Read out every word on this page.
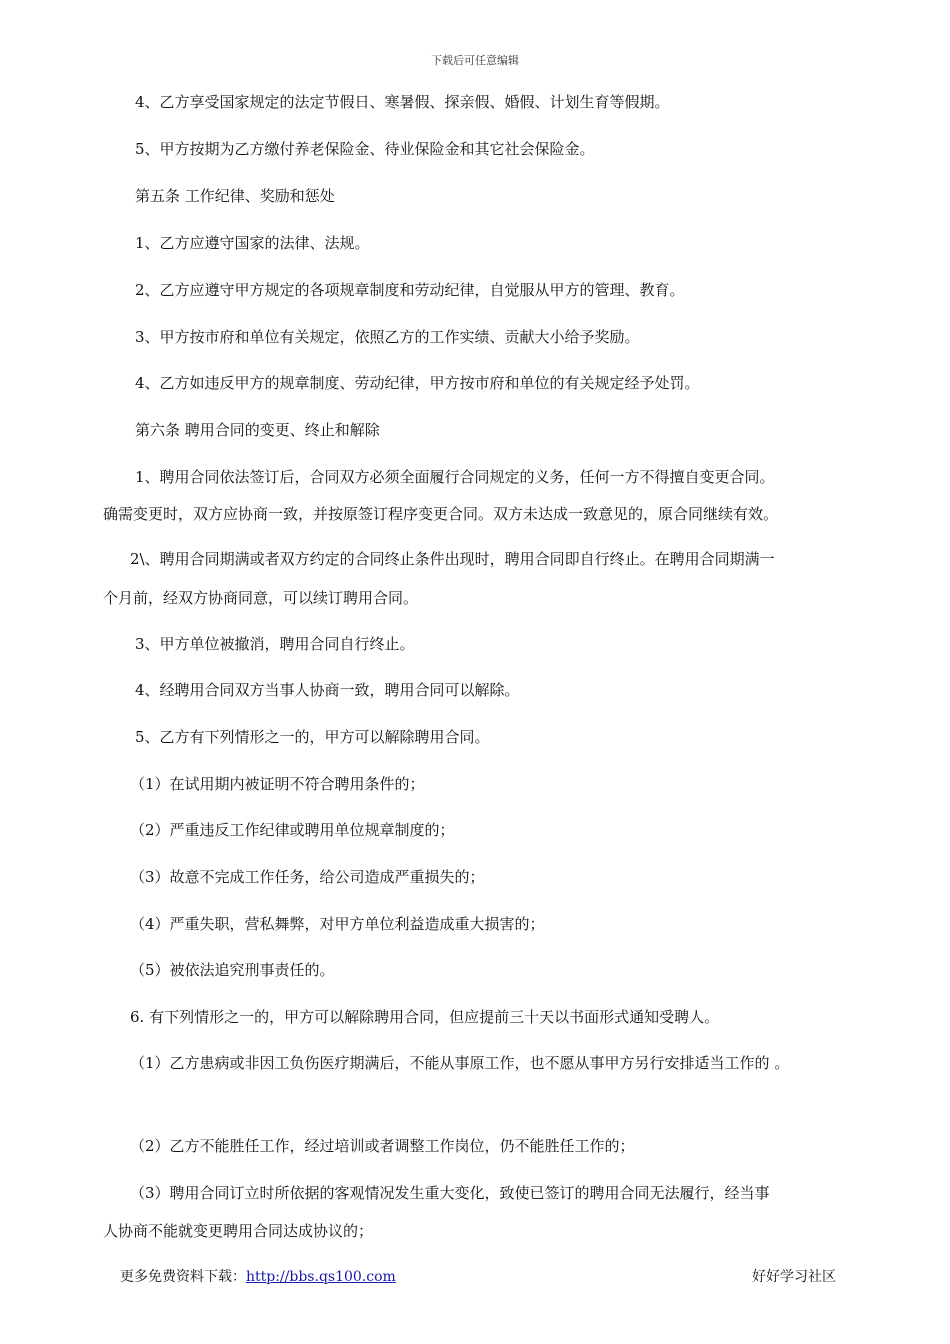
下载后可任意编辑
4、乙方享受国家规定的法定节假日、寒暑假、探亲假、婚假、计划生育等假期。
5、甲方按期为乙方缴付养老保险金、待业保险金和其它社会保险金。
第五条 工作纪律、奖励和惩处
1、乙方应遵守国家的法律、法规。
2、乙方应遵守甲方规定的各项规章制度和劳动纪律，自觉服从甲方的管理、教育。
3、甲方按市府和单位有关规定，依照乙方的工作实绩、贡献大小给予奖励。
4、乙方如违反甲方的规章制度、劳动纪律，甲方按市府和单位的有关规定经予处罚。
第六条 聘用合同的变更、终止和解除
1、聘用合同依法签订后，合同双方必须全面履行合同规定的义务，任何一方不得擅自变更合同。
确需变更时，双方应协商一致，并按原签订程序变更合同。双方未达成一致意见的，原合同继续有效。
2\、聘用合同期满或者双方约定的合同终止条件出现时，聘用合同即自行终止。在聘用合同期满一
个月前，经双方协商同意，可以续订聘用合同。
3、甲方单位被撤消，聘用合同自行终止。
4、经聘用合同双方当事人协商一致，聘用合同可以解除。
5、乙方有下列情形之一的，甲方可以解除聘用合同。
（1）在试用期内被证明不符合聘用条件的；
（2）严重违反工作纪律或聘用单位规章制度的；
（3）故意不完成工作任务，给公司造成严重损失的；
（4）严重失职，营私舞弊，对甲方单位利益造成重大损害的；
（5）被依法追究刑事责任的。
6. 有下列情形之一的，甲方可以解除聘用合同，但应提前三十天以书面形式通知受聘人。
（1）乙方患病或非因工负伤医疗期满后，不能从事原工作，也不愿从事甲方另行安排适当工作的 。
（2）乙方不能胜任工作，经过培训或者调整工作岗位，仍不能胜任工作的；
（3）聘用合同订立时所依据的客观情况发生重大变化，致使已签订的聘用合同无法履行，经当事
人协商不能就变更聘用合同达成协议的；
更多免费资料下载：http://bbs.qs100.com	好好学习社区
